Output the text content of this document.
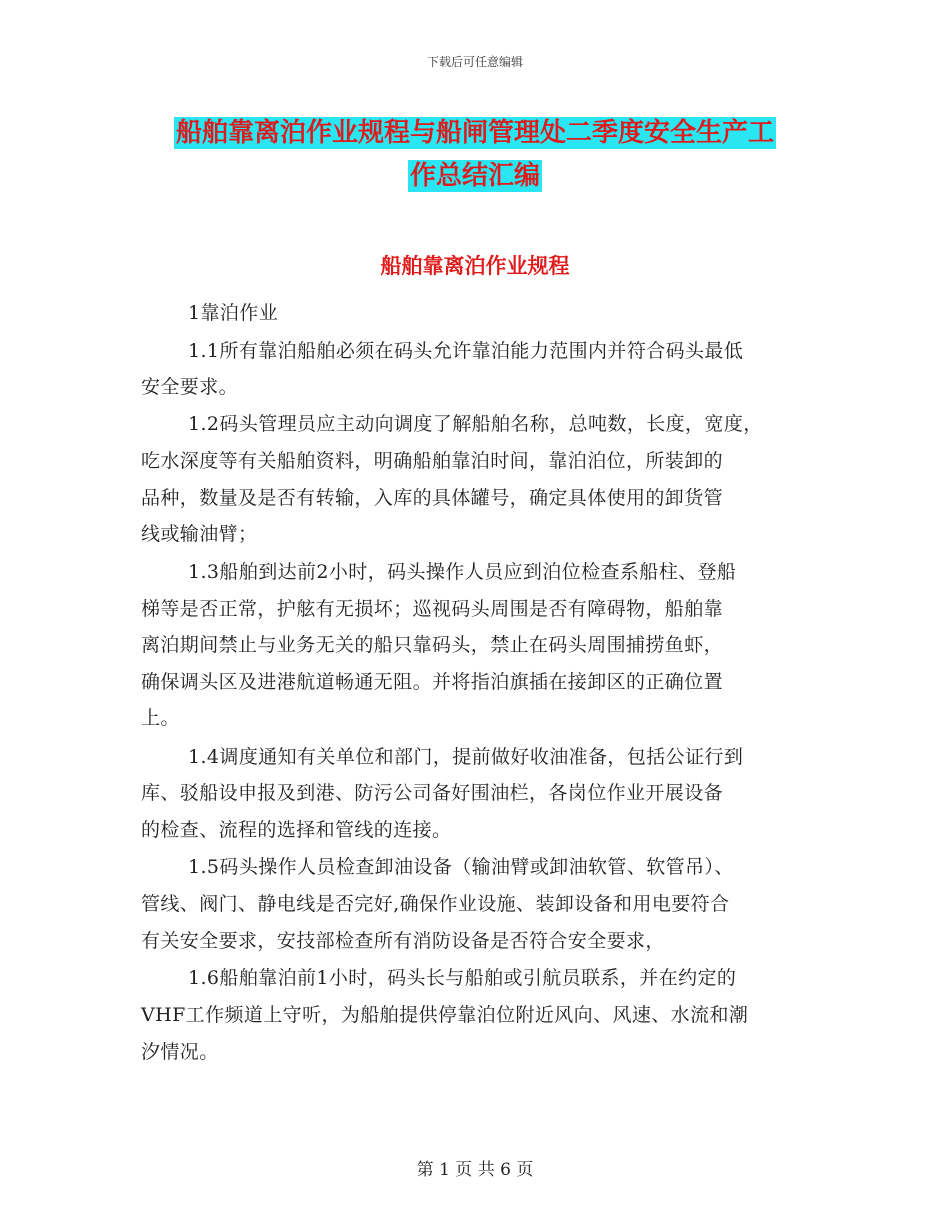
下载后可任意编辑
船舶靠离泊作业规程与船闸管理处二季度安全生产工
作总结汇编
船舶靠离泊作业规程
1靠泊作业
1.1所有靠泊船舶必须在码头允许靠泊能力范围内并符合码头最低
安全要求。
1.2码头管理员应主动向调度了解船舶名称，总吨数，长度，宽度，
吃水深度等有关船舶资料，明确船舶靠泊时间，靠泊泊位，所装卸的
品种，数量及是否有转输，入库的具体罐号，确定具体使用的卸货管
线或输油臂；
1.3船舶到达前2小时，码头操作人员应到泊位检查系船柱、登船
梯等是否正常，护舷有无损坏；巡视码头周围是否有障碍物，船舶靠
离泊期间禁止与业务无关的船只靠码头，禁止在码头周围捕捞鱼虾，
确保调头区及进港航道畅通无阻。并将指泊旗插在接卸区的正确位置
上。
1.4调度通知有关单位和部门，提前做好收油准备，包括公证行到
库、驳船设申报及到港、防污公司备好围油栏，各岗位作业开展设备
的检查、流程的选择和管线的连接。
1.5码头操作人员检查卸油设备（输油臂或卸油软管、软管吊）、
管线、阀门、静电线是否完好,确保作业设施、装卸设备和用电要符合
有关安全要求，安技部检查所有消防设备是否符合安全要求，
1.6船舶靠泊前1小时，码头长与船舶或引航员联系，并在约定的
VHF工作频道上守听，为船舶提供停靠泊位附近风向、风速、水流和潮
汐情况。
第 1 页 共 6 页
